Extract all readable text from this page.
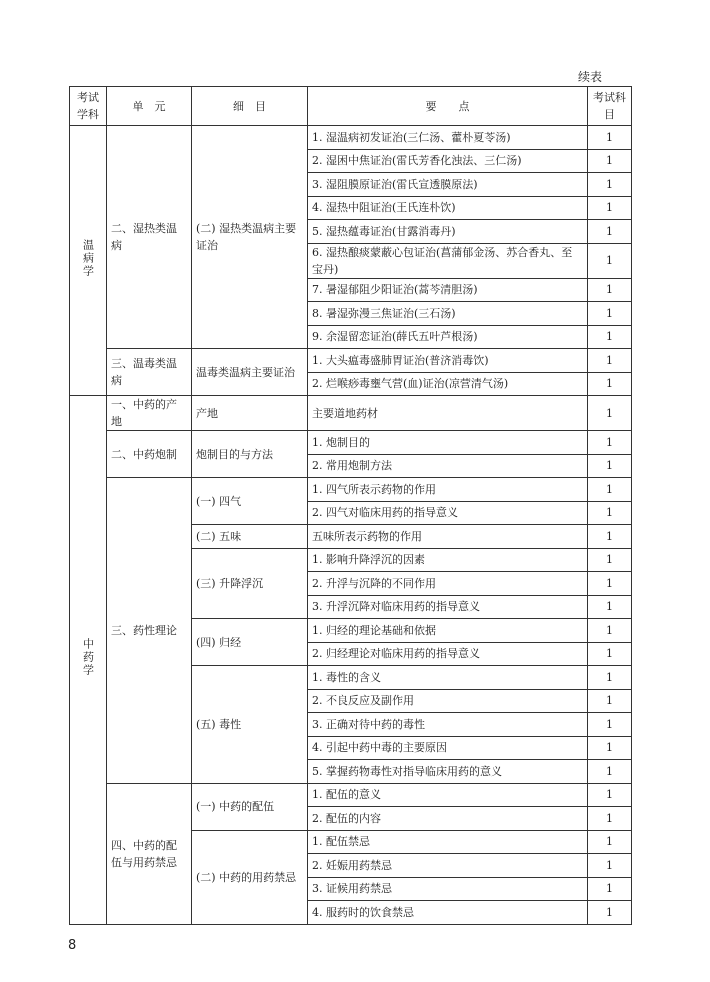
续表
考试学科	单　元	细　目	要　　点	考试科目
温病学	二、湿热类温病	(二) 湿热类温病主要证治	1. 湿温病初发证治(三仁汤、藿朴夏苓汤)	1
			2. 湿困中焦证治(雷氏芳香化浊法、三仁汤)	1
			3. 湿阻膜原证治(雷氏宣透膜原法)	1
			4. 湿热中阻证治(王氏连朴饮)	1
			5. 湿热蕴毒证治(甘露消毒丹)	1
			6. 湿热酿痰蒙蔽心包证治(菖蒲郁金汤、苏合香丸、至宝丹)	1
			7. 暑湿郁阻少阳证治(蒿芩清胆汤)	1
			8. 暑湿弥漫三焦证治(三石汤)	1
			9. 余湿留恋证治(薛氏五叶芦根汤)	1
	三、温毒类温病	温毒类温病主要证治	1. 大头瘟毒盛肺胃证治(普济消毒饮)	1
			2. 烂喉痧毒壅气营(血)证治(凉营清气汤)	1
中药学	一、中药的产地	产地	主要道地药材	1
	二、中药炮制	炮制目的与方法	1. 炮制目的	1
			2. 常用炮制方法	1
	三、药性理论	(一) 四气	1. 四气所表示药物的作用	1
			2. 四气对临床用药的指导意义	1
		(二) 五味	五味所表示药物的作用	1
		(三) 升降浮沉	1. 影响升降浮沉的因素	1
			2. 升浮与沉降的不同作用	1
			3. 升浮沉降对临床用药的指导意义	1
		(四) 归经	1. 归经的理论基础和依据	1
			2. 归经理论对临床用药的指导意义	1
		(五) 毒性	1. 毒性的含义	1
			2. 不良反应及副作用	1
			3. 正确对待中药的毒性	1
			4. 引起中药中毒的主要原因	1
			5. 掌握药物毒性对指导临床用药的意义	1
	四、中药的配伍与用药禁忌	(一) 中药的配伍	1. 配伍的意义	1
			2. 配伍的内容	1
		(二) 中药的用药禁忌	1. 配伍禁忌	1
			2. 妊娠用药禁忌	1
			3. 证候用药禁忌	1
			4. 服药时的饮食禁忌	1
8
